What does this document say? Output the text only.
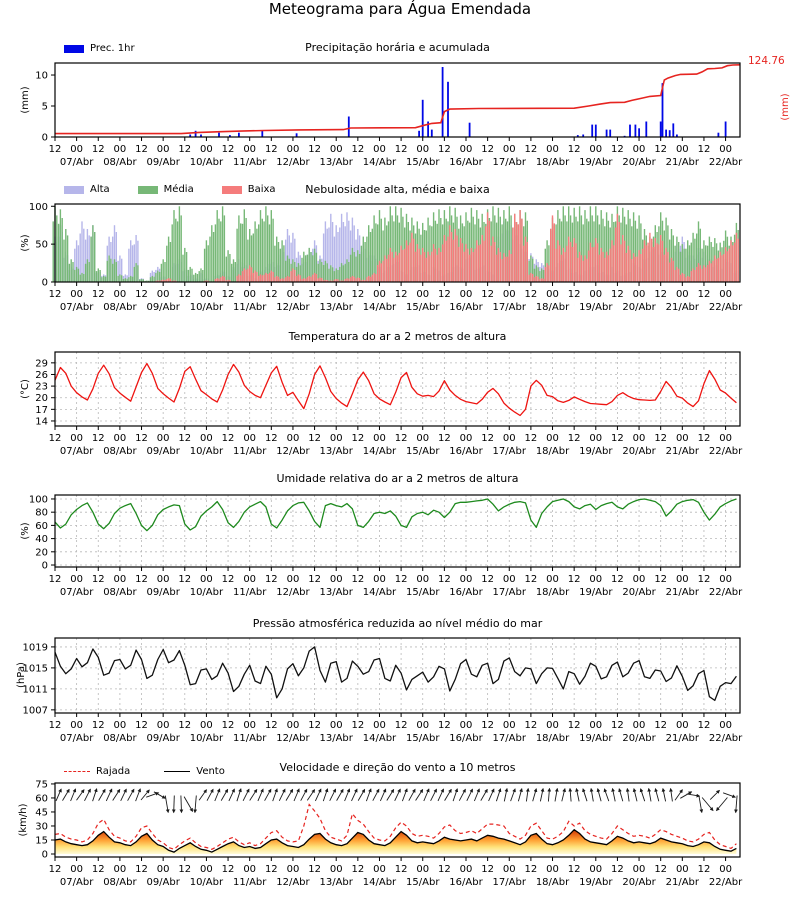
Meteograma para Água Emendada
Precipitação horária e acumulada
Nebulosidade alta, média e baixa
Temperatura do ar a 2 metros de altura
Umidade relativa do ar a 2 metros de altura
Pressão atmosférica reduzida ao nível médio do mar
Velocidade e direção do vento a 10 metros
Prec. 1hr
Alta	Média	Baixa
Rajada	Vento
(mm)
(%)
(°C)
(%)
(hPa)
(km/h)
(mm)
124.76
12 00 12 00 12 00 12 00 12 00 12 00 12 00 12 00 12 00 12 00 12 00 12 00 12 00 12 00 12 00 12 00
07/Abr 08/Abr 09/Abr 10/Abr 11/Abr 12/Abr 13/Abr 14/Abr 15/Abr 16/Abr 17/Abr 18/Abr 19/Abr 20/Abr 21/Abr 22/Abr
0
5
10
12 00 12 00 12 00 12 00 12 00 12 00 12 00 12 00 12 00 12 00 12 00 12 00 12 00 12 00 12 00 12 00
07/Abr 08/Abr 09/Abr 10/Abr 11/Abr 12/Abr 13/Abr 14/Abr 15/Abr 16/Abr 17/Abr 18/Abr 19/Abr 20/Abr 21/Abr 22/Abr
0
50
100
12 00 12 00 12 00 12 00 12 00 12 00 12 00 12 00 12 00 12 00 12 00 12 00 12 00 12 00 12 00 12 00
07/Abr 08/Abr 09/Abr 10/Abr 11/Abr 12/Abr 13/Abr 14/Abr 15/Abr 16/Abr 17/Abr 18/Abr 19/Abr 20/Abr 21/Abr 22/Abr
14
17
20
23
26
29
12 00 12 00 12 00 12 00 12 00 12 00 12 00 12 00 12 00 12 00 12 00 12 00 12 00 12 00 12 00 12 00
07/Abr 08/Abr 09/Abr 10/Abr 11/Abr 12/Abr 13/Abr 14/Abr 15/Abr 16/Abr 17/Abr 18/Abr 19/Abr 20/Abr 21/Abr 22/Abr
0
20
40
60
80
100
12 00 12 00 12 00 12 00 12 00 12 00 12 00 12 00 12 00 12 00 12 00 12 00 12 00 12 00 12 00 12 00
07/Abr 08/Abr 09/Abr 10/Abr 11/Abr 12/Abr 13/Abr 14/Abr 15/Abr 16/Abr 17/Abr 18/Abr 19/Abr 20/Abr 21/Abr 22/Abr
1007
1011
1015
1019
12 00 12 00 12 00 12 00 12 00 12 00 12 00 12 00 12 00 12 00 12 00 12 00 12 00 12 00 12 00 12 00
07/Abr 08/Abr 09/Abr 10/Abr 11/Abr 12/Abr 13/Abr 14/Abr 15/Abr 16/Abr 17/Abr 18/Abr 19/Abr 20/Abr 21/Abr 22/Abr
0
15
30
45
60
75
